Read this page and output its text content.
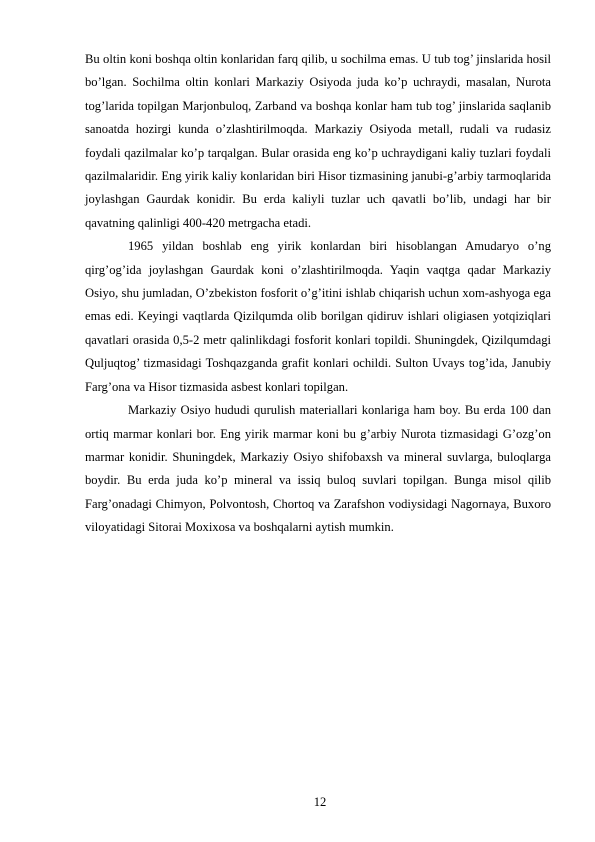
Bu oltin koni boshqa oltin konlaridan farq qilib, u sochilma emas. U tub tog’ jinslarida hosil bo’lgan. Sochilma oltin konlari Markaziy Osiyoda juda ko’p uchraydi, masalan, Nurota tog’larida topilgan Marjonbuloq, Zarband va boshqa konlar ham tub tog’ jinslarida saqlanib sanoatda hozirgi kunda o’zlashtirilmoqda. Markaziy Osiyoda metall, rudali va rudasiz foydali qazilmalar ko’p tarqalgan. Bular orasida eng ko’p uchraydigani kaliy tuzlari foydali qazilmalaridir. Eng yirik kaliy konlaridan biri Hisor tizmasining janubi-g’arbiy tarmoqlarida joylashgan Gaurdak konidir. Bu erda kaliyli tuzlar uch qavatli bo’lib, undagi har bir qavatning qalinligi 400-420 metrgacha etadi.

1965 yildan boshlab eng yirik konlardan biri hisoblangan Amudaryo o’ng qirg’og’ida joylashgan Gaurdak koni o’zlashtirilmoqda. Yaqin vaqtga qadar Markaziy Osiyo, shu jumladan, O’zbekiston fosforit o’g’itini ishlab chiqarish uchun xom-ashyoga ega emas edi. Keyingi vaqtlarda Qizilqumda olib borilgan qidiruv ishlari oligiasen yotqiziqlari qavatlari orasida 0,5-2 metr qalinlikdagi fosforit konlari topildi. Shuningdek, Qizilqumdagi Quljuqtog’ tizmasidagi Toshqazganda grafit konlari ochildi. Sulton Uvays tog’ida, Janubiy Farg’ona va Hisor tizmasida asbest konlari topilgan.

Markaziy Osiyo hududi qurulish materiallari konlariga ham boy. Bu erda 100 dan ortiq marmar konlari bor. Eng yirik marmar koni bu g’arbiy Nurota tizmasidagi G’ozg’on marmar konidir. Shuningdek, Markaziy Osiyo shifobaxsh va mineral suvlarga, buloqlarga boydir. Bu erda juda ko’p mineral va issiq buloq suvlari topilgan. Bunga misol qilib Farg’onadagi Chimyon, Polvontosh, Chortoq va Zarafshon vodiysidagi Nagornaya, Buxoro viloyatidagi Sitorai Moxixosa va boshqalarni aytish mumkin.

12
